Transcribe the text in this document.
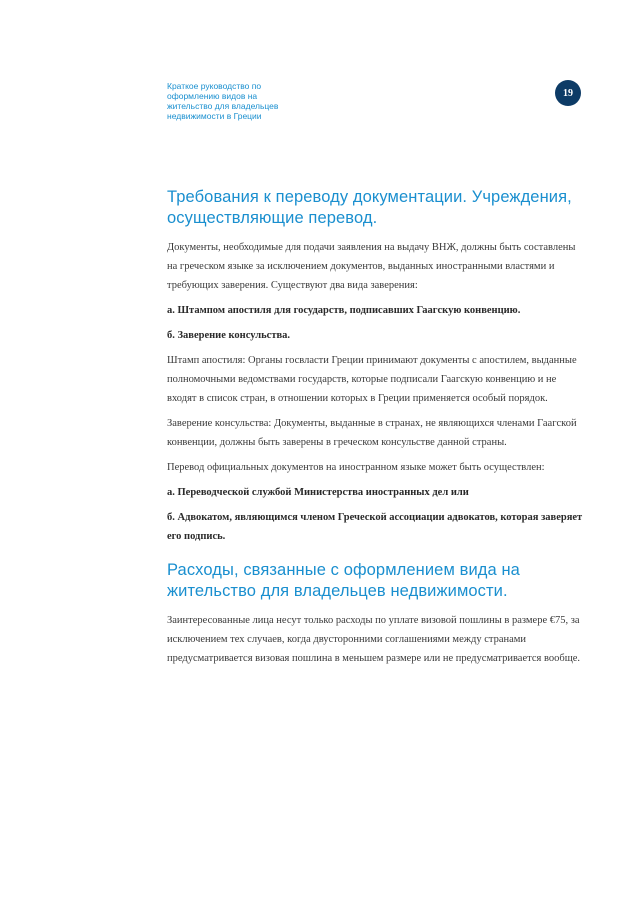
Краткое руководство по
оформлению видов на
жительство для владельцев
недвижимости в Греции
19
Требования к переводу документации. Учреждения, осуществляющие перевод.

Документы, необходимые для подачи заявления на выдачу ВНЖ, должны быть составлены на греческом языке за исключением документов, выданных иностранными властями и требующих заверения. Существуют два вида заверения:

а. Штампом апостиля для государств, подписавших Гаагскую конвенцию.

б. Заверение консульства.

Штамп апостиля: Органы госвласти Греции принимают документы с апостилем, выданные полномочными ведомствами государств, которые подписали Гаагскую конвенцию и не входят в список стран, в отношении которых в Греции применяется особый порядок.

Заверение консульства: Документы, выданные в странах, не являющихся членами Гаагской конвенции, должны быть заверены в греческом консульстве данной страны.

Перевод официальных документов на иностранном языке может быть осуществлен:

а. Переводческой службой Министерства иностранных дел или

б. Адвокатом, являющимся членом Греческой ассоциации адвокатов, которая заверяет его подпись.

Расходы, связанные с оформлением вида на жительство для владельцев недвижимости.

Заинтересованные лица несут только расходы по уплате визовой пошлины в размере €75, за исключением тех случаев, когда двусторонними соглашениями между странами предусматривается визовая пошлина в меньшем размере или не предусматривается вообще.
